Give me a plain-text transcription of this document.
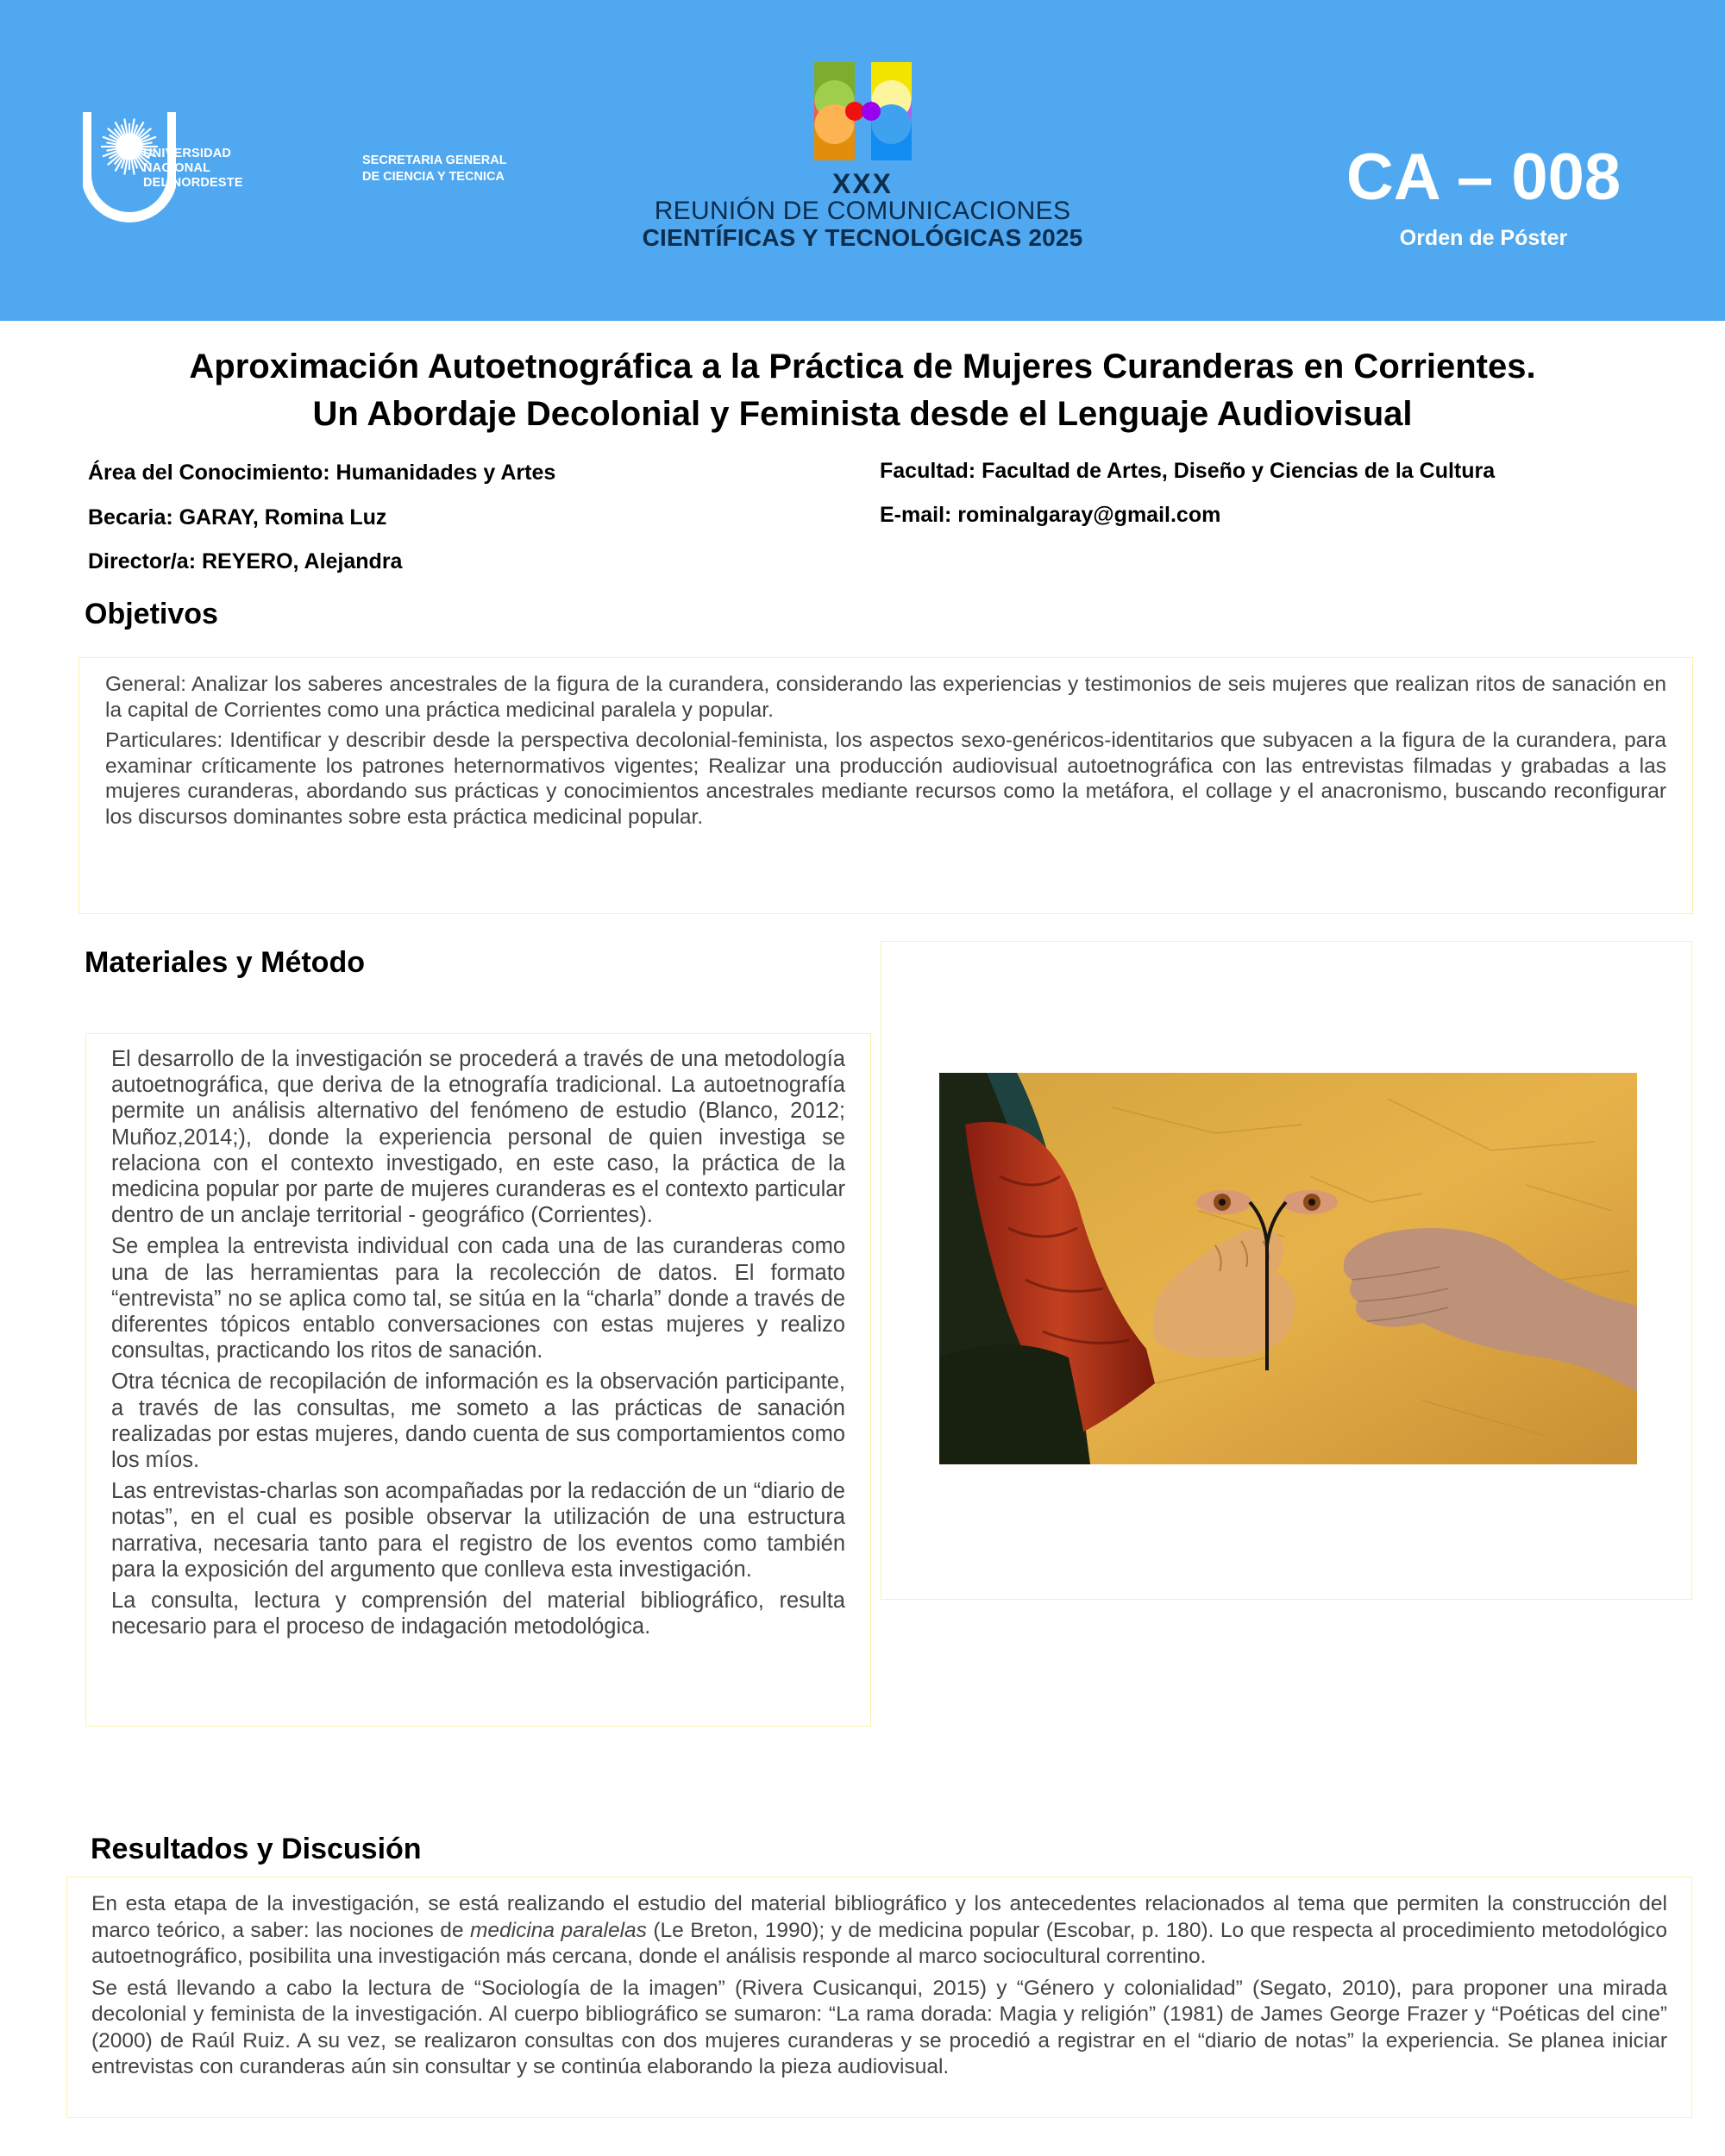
UNIVERSIDAD
NACIONAL
DEL NORDESTE
SECRETARIA GENERAL
DE CIENCIA Y TECNICA	XXX
REUNIÓN DE COMUNICACIONES
CIENTÍFICAS Y TECNOLÓGICAS 2025
CA – 008
Orden de Póster
Aproximación Autoetnográfica a la Práctica de Mujeres Curanderas en Corrientes.
Un Abordaje Decolonial y Feminista desde el Lenguaje Audiovisual
Área del Conocimiento: Humanidades y Artes
Becaria: GARAY, Romina Luz
Director/a: REYERO, Alejandra
Facultad: Facultad de Artes, Diseño y Ciencias de la Cultura
E-mail: rominalgaray@gmail.com
Objetivos

General: Analizar los saberes ancestrales de la figura de la curandera, considerando las experiencias y testimonios de seis mujeres que realizan ritos de sanación en la capital de Corrientes como una práctica medicinal paralela y popular.

Particulares: Identificar y describir desde la perspectiva decolonial-feminista, los aspectos sexo-genéricos-identitarios que subyacen a la figura de la curandera, para examinar críticamente los patrones heternormativos vigentes; Realizar una producción audiovisual autoetnográfica con las entrevistas filmadas y grabadas a las mujeres curanderas, abordando sus prácticas y conocimientos ancestrales mediante recursos como la metáfora, el collage y el anacronismo, buscando reconfigurar los discursos dominantes sobre esta práctica medicinal popular.

Materiales y Método

El desarrollo de la investigación se procederá a través de una metodología autoetnográfica, que deriva de la etnografía tradicional. La autoetnografía permite un análisis alternativo del fenómeno de estudio (Blanco, 2012; Muñoz,2014;), donde la experiencia personal de quien investiga se relaciona con el contexto investigado, en este caso, la práctica de la medicina popular por parte de mujeres curanderas es el contexto particular dentro de un anclaje territorial - geográfico (Corrientes).

Se emplea la entrevista individual con cada una de las curanderas como una de las herramientas para la recolección de datos. El formato “entrevista” no se aplica como tal, se sitúa en la “charla” donde a través de diferentes tópicos entablo conversaciones con estas mujeres y realizo consultas, practicando los ritos de sanación.

Otra técnica de recopilación de información es la observación participante, a través de las consultas, me someto a las prácticas de sanación realizadas por estas mujeres, dando cuenta de sus comportamientos como los míos.

Las entrevistas-charlas son acompañadas por la redacción de un “diario de notas”, en el cual es posible observar la utilización de una estructura narrativa, necesaria tanto para el registro de los eventos como también para la exposición del argumento que conlleva esta investigación.

La consulta, lectura y comprensión del material bibliográfico, resulta necesario para el proceso de indagación metodológica.

Resultados y Discusión

En esta etapa de la investigación, se está realizando el estudio del material bibliográfico y los antecedentes relacionados al tema que permiten la construcción del marco teórico, a saber: las nociones de medicina paralelas (Le Breton, 1990); y de medicina popular (Escobar, p. 180). Lo que respecta al procedimiento metodológico autoetnográfico, posibilita una investigación más cercana, donde el análisis responde al marco sociocultural correntino.

Se está llevando a cabo la lectura de “Sociología de la imagen” (Rivera Cusicanqui, 2015) y “Género y colonialidad” (Segato, 2010), para proponer una mirada decolonial y feminista de la investigación. Al cuerpo bibliográfico se sumaron: “La rama dorada: Magia y religión” (1981) de James George Frazer y “Poéticas del cine” (2000) de Raúl Ruiz. A su vez, se realizaron consultas con dos mujeres curanderas y se procedió a registrar en el “diario de notas” la experiencia. Se planea iniciar entrevistas con curanderas aún sin consultar y se continúa elaborando la pieza audiovisual.
